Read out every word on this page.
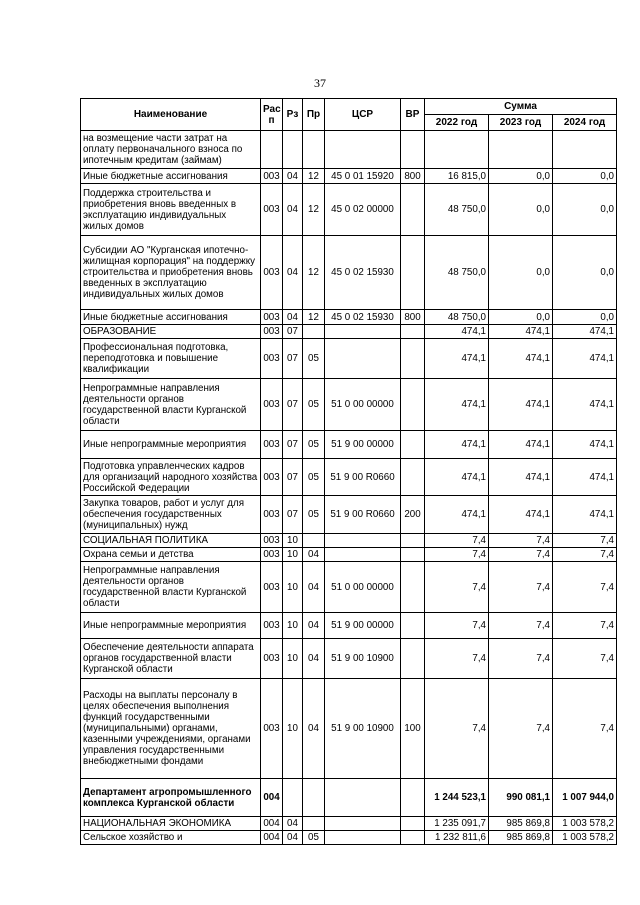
37
Наименование	Рас п	Рз	Пр	ЦСР	ВР	Сумма		
						2022 год	2023 год	2024 год
на возмещение части затрат на оплату первоначального взноса по ипотечным кредитам (займам)								
Иные бюджетные ассигнования	003	04	12	45 0 01 15920	800	16 815,0	0,0	0,0
Поддержка строительства и приобретения вновь введенных в эксплуатацию индивидуальных жилых домов	003	04	12	45 0 02 00000		48 750,0	0,0	0,0
Субсидии АО "Курганская ипотечно-жилищная корпорация" на поддержку строительства и приобретения вновь введенных в эксплуатацию индивидуальных жилых домов	003	04	12	45 0 02 15930		48 750,0	0,0	0,0
Иные бюджетные ассигнования	003	04	12	45 0 02 15930	800	48 750,0	0,0	0,0
ОБРАЗОВАНИЕ	003	07				474,1	474,1	474,1
Профессиональная подготовка, переподготовка и повышение квалификации	003	07	05			474,1	474,1	474,1
Непрограммные направления деятельности органов государственной власти Курганской области	003	07	05	51 0 00 00000		474,1	474,1	474,1
Иные непрограммные мероприятия	003	07	05	51 9 00 00000		474,1	474,1	474,1
Подготовка управленческих кадров для организаций народного хозяйства Российской Федерации	003	07	05	51 9 00 R0660		474,1	474,1	474,1
Закупка товаров, работ и услуг для обеспечения государственных (муниципальных) нужд	003	07	05	51 9 00 R0660	200	474,1	474,1	474,1
СОЦИАЛЬНАЯ ПОЛИТИКА	003	10				7,4	7,4	7,4
Охрана семьи и детства	003	10	04			7,4	7,4	7,4
Непрограммные направления деятельности органов государственной власти Курганской области	003	10	04	51 0 00 00000		7,4	7,4	7,4
Иные непрограммные мероприятия	003	10	04	51 9 00 00000		7,4	7,4	7,4
Обеспечение деятельности аппарата органов государственной власти Курганской области	003	10	04	51 9 00 10900		7,4	7,4	7,4
Расходы на выплаты персоналу в целях обеспечения выполнения функций государственными (муниципальными) органами, казенными учреждениями, органами управления государственными внебюджетными фондами	003	10	04	51 9 00 10900	100	7,4	7,4	7,4
Департамент агропромышленного комплекса Курганской области	004					1 244 523,1	990 081,1	1 007 944,0
НАЦИОНАЛЬНАЯ ЭКОНОМИКА	004	04				1 235 091,7	985 869,8	1 003 578,2
Сельское хозяйство и	004	04	05			1 232 811,6	985 869,8	1 003 578,2
